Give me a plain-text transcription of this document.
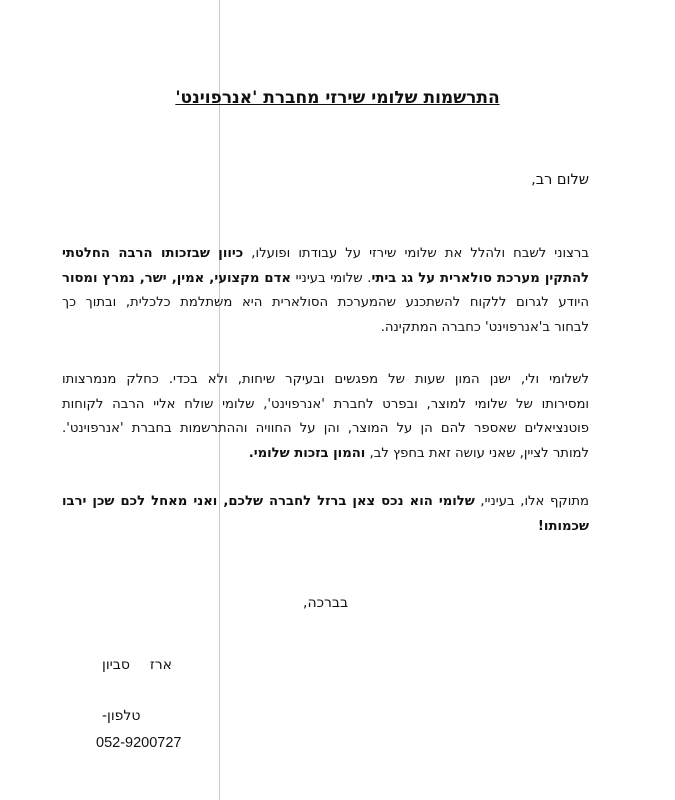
התרשמות שלומי שירזי מחברת 'אנרפוינט'
שלום רב,
ברצוני לשבח ולהלל את שלומי שירזי על עבודתו ופועלו, כיוון שבזכותו הרבה החלטתי
להתקין מערכת סולארית על גג ביתי. שלומי בעיניי אדם מקצועי, אמין, ישר, נמרץ ומסור
היודע לגרום ללקוח להשתכנע שהמערכת הסולארית היא משתלמת כלכלית, ובתוך כך
לבחור ב'אנרפוינט' כחברה המתקינה.
לשלומי ולי, ישנן המון שעות של מפגשים ובעיקר שיחות, ולא בכדי. כחלק מנמרצותו
ומסירותו של שלומי למוצר, ובפרט לחברת 'אנרפוינט', שלומי שולח אליי הרבה לקוחות
פוטנציאלים שאספר להם הן על המוצר, והן על החוויה וההתרשמות בחברת 'אנרפוינט'.
למותר לציין, שאני עושה זאת בחפץ לב, והמון בזכות שלומי.
מתוקף אלו, בעיניי, שלומי הוא נכס צאן ברזל לחברה שלכם, ואני מאחל לכם שכן ירבו
שכמותו!
בברכה,
ארז
סביון
טלפון-
052-9200727
